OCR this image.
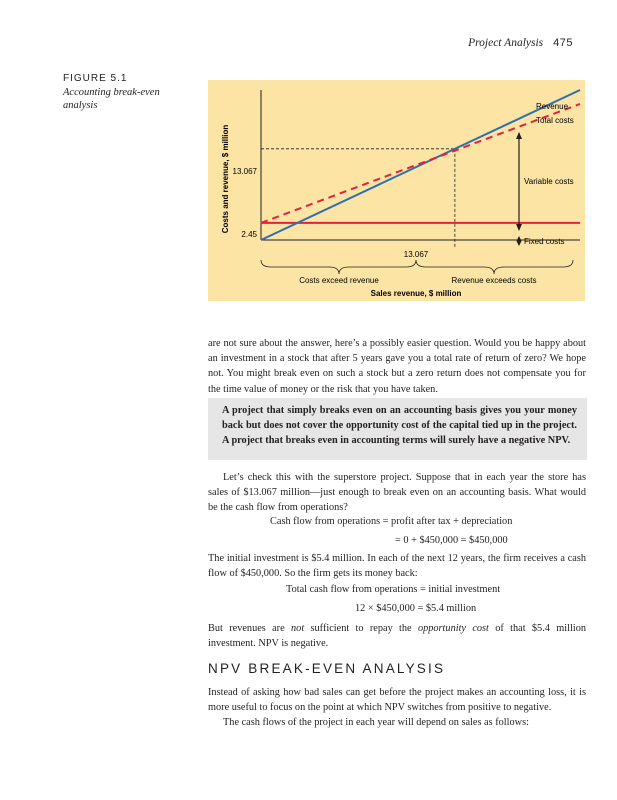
Project Analysis 475
FIGURE 5.1
Accounting break-even analysis
13.067
2.45
13.067
Revenue
Total costs
Variable costs
Fixed costs
Costs exceed revenue	Revenue exceeds costs
Sales revenue, $ million
Costs and revenue, $ million

are not sure about the answer, here’s a possibly easier question. Would you be happy about an investment in a stock that after 5 years gave you a total rate of return of zero? We hope not. You might break even on such a stock but a zero return does not compensate you for the time value of money or the risk that you have taken.

A project that simply breaks even on an accounting basis gives you your money back but does not cover the opportunity cost of the capital tied up in the project. A project that breaks even in accounting terms will surely have a negative NPV.

Let’s check this with the superstore project. Suppose that in each year the store has sales of $13.067 million—just enough to break even on an accounting basis. What would be the cash flow from operations?

Cash flow from operations = profit after tax + depreciation
= 0 + $450,000 = $450,000

The initial investment is $5.4 million. In each of the next 12 years, the firm receives a cash flow of $450,000. So the firm gets its money back:

Total cash flow from operations = initial investment
12 × $450,000 = $5.4 million

But revenues are not sufficient to repay the opportunity cost of that $5.4 million investment. NPV is negative.

NPV BREAK-EVEN ANALYSIS

Instead of asking how bad sales can get before the project makes an accounting loss, it is more useful to focus on the point at which NPV switches from positive to negative.

The cash flows of the project in each year will depend on sales as follows:
